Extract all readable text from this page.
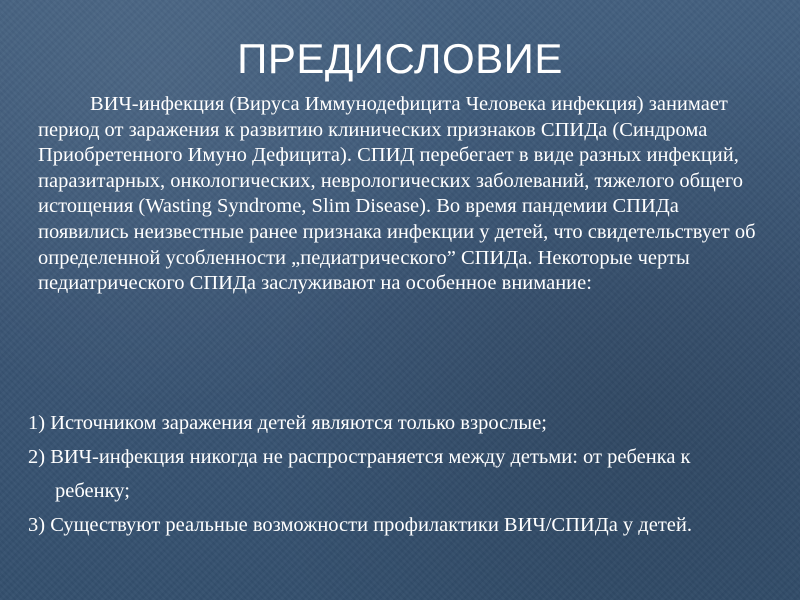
ПРЕДИСЛОВИЕ

ВИЧ-инфекция (Вируса Иммунодефицита Человека инфекция) занимает период от заражения к развитию клинических признаков СПИДа (Синдрома Приобретенного Имуно Дефицита). СПИД перебегает в виде разных инфекций, паразитарных, онкологических, неврологических заболеваний, тяжелого общего истощения (Wasting Syndrome, Slim Disease). Во время пандемии СПИДа появились неизвестные ранее признака инфекции у детей, что свидетельствует об определенной усобленности „педиатрического” СПИДа. Некоторые черты педиатрического СПИДа заслуживают на особенное внимание:

1) Источником заражения детей являются только взрослые;
2) ВИЧ-инфекция никогда не распространяется между детьми: от ребенка к ребенку;
3) Существуют реальные возможности профилактики ВИЧ/СПИДа у детей.
